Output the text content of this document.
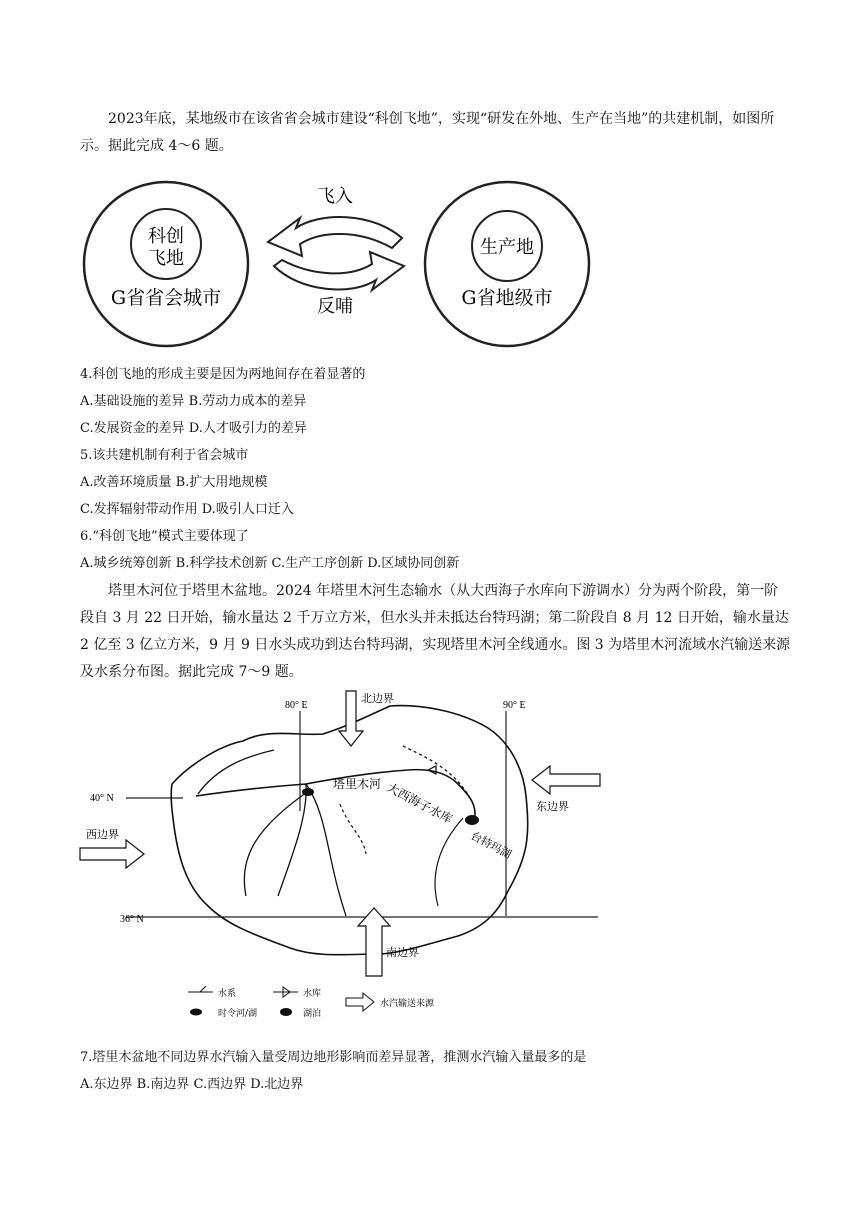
2023年底，某地级市在该省省会城市建设“科创飞地”，实现“研发在外地、生产在当地”的共建机制，如图所示。据此完成 4～6 题。
科创
飞地
G省省会城市
生产地
G省地级市
飞入
反哺
4.科创飞地的形成主要是因为两地间存在着显著的
A.基础设施的差异 B.劳动力成本的差异
C.发展资金的差异 D.人才吸引力的差异
5.该共建机制有利于省会城市
A.改善环境质量 B.扩大用地规模
C.发挥辐射带动作用 D.吸引人口迁入
6.“科创飞地”模式主要体现了
A.城乡统筹创新 B.科学技术创新 C.生产工序创新 D.区域协同创新
塔里木河位于塔里木盆地。2024 年塔里木河生态输水（从大西海子水库向下游调水）分为两个阶段，第一阶段自 3 月 22 日开始，输水量达 2 千万立方米，但水头并未抵达台特玛湖；第二阶段自 8 月 12 日开始，输水量达 2 亿至 3 亿立方米，9 月 9 日水头成功到达台特玛湖，实现塔里木河全线通水。图 3 为塔里木河流域水汽输送来源及水系分布图。据此完成 7～9 题。
80° E	90° E
40° N
36° N
塔里木河 大西海子水库
台特玛湖
北边界
东边界
西边界
南边界
水系	水库
时令河/湖	湖泊
水汽输送来源
7.塔里木盆地不同边界水汽输入量受周边地形影响而差异显著，推测水汽输入量最多的是
A.东边界 B.南边界 C.西边界 D.北边界
